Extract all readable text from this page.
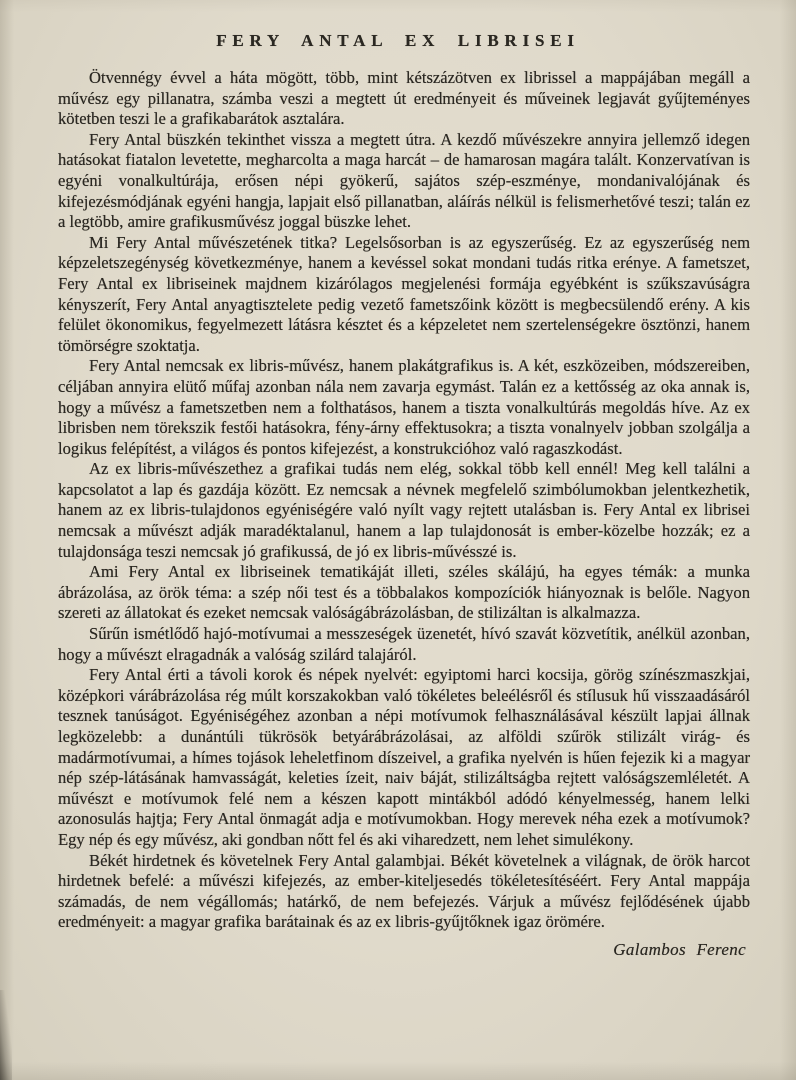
FERY ANTAL EX LIBRISEI

Ötvennégy évvel a háta mögött, több, mint kétszázötven ex librissel a mappájában megáll a művész egy pillanatra, számba veszi a megtett út eredményeit és műveinek legjavát gyűjteményes kötetben teszi le a grafikabarátok asztalára.

Fery Antal büszkén tekinthet vissza a megtett útra. A kezdő művészekre annyira jellemző idegen hatásokat fiatalon levetette, megharcolta a maga harcát – de hamarosan magára talált. Konzervatívan is egyéni vonalkultúrája, erősen népi gyökerű, sajátos szép-eszménye, mondanivalójának és kifejezésmódjának egyéni hangja, lapjait első pillanatban, aláírás nélkül is felismerhetővé teszi; talán ez a legtöbb, amire grafikusművész joggal büszke lehet.

Mi Fery Antal művészetének titka? Legelsősorban is az egyszerűség. Ez az egyszerűség nem képzeletszegénység következménye, hanem a kevéssel sokat mondani tudás ritka erénye. A fametszet, Fery Antal ex libriseinek majdnem kizárólagos megjelenési formája egyébként is szűkszavúságra kényszerít, Fery Antal anyagtisztelete pedig vezető fametszőink között is megbecsülendő erény. A kis felület ökonomikus, fegyelmezett látásra késztet és a képzeletet nem szertelenségekre ösztönzi, hanem tömörségre szoktatja.

Fery Antal nemcsak ex libris-művész, hanem plakátgrafikus is. A két, eszközeiben, módszereiben, céljában annyira elütő műfaj azonban nála nem zavarja egymást. Talán ez a kettősség az oka annak is, hogy a művész a fametszetben nem a folthatásos, hanem a tiszta vonalkultúrás megoldás híve. Az ex librisben nem törekszik festői hatásokra, fény-árny effektusokra; a tiszta vonalnyelv jobban szolgálja a logikus felépítést, a világos és pontos kifejezést, a konstrukcióhoz való ragaszkodást.

Az ex libris-művészethez a grafikai tudás nem elég, sokkal több kell ennél! Meg kell találni a kapcsolatot a lap és gazdája között. Ez nemcsak a névnek megfelelő szimbólumokban jelentkezhetik, hanem az ex libris-tulajdonos egyéniségére való nyílt vagy rejtett utalásban is. Fery Antal ex librisei nemcsak a művészt adják maradéktalanul, hanem a lap tulajdonosát is ember-közelbe hozzák; ez a tulajdonsága teszi nemcsak jó grafikussá, de jó ex libris-művésszé is.

Ami Fery Antal ex libriseinek tematikáját illeti, széles skálájú, ha egyes témák: a munka ábrázolása, az örök téma: a szép női test és a többalakos kompozíciók hiányoznak is belőle. Nagyon szereti az állatokat és ezeket nemcsak valóságábrázolásban, de stilizáltan is alkalmazza.

Sűrűn ismétlődő hajó-motívumai a messzeségek üzenetét, hívó szavát közvetítik, anélkül azonban, hogy a művészt elragadnák a valóság szilárd talajáról.

Fery Antal érti a távoli korok és népek nyelvét: egyiptomi harci kocsija, görög színészmaszkjai, középkori várábrázolása rég múlt korszakokban való tökéletes beleélésről és stílusuk hű visszaadásáról tesznek tanúságot. Egyéniségéhez azonban a népi motívumok felhasználásával készült lapjai állnak legközelebb: a dunántúli tükrösök betyárábrázolásai, az alföldi szűrök stilizált virág- és madármotívumai, a hímes tojások leheletfinom díszeivel, a grafika nyelvén is hűen fejezik ki a magyar nép szép-látásának hamvasságát, keleties ízeit, naiv báját, stilizáltságba rejtett valóságszemléletét. A művészt e motívumok felé nem a készen kapott mintákból adódó kényelmesség, hanem lelki azonosulás hajtja; Fery Antal önmagát adja e motívumokban. Hogy merevek néha ezek a motívumok? Egy nép és egy művész, aki gondban nőtt fel és aki viharedzett, nem lehet simulékony.

Békét hirdetnek és követelnek Fery Antal galambjai. Békét követelnek a világnak, de örök harcot hirdetnek befelé: a művészi kifejezés, az ember-kiteljesedés tökéletesítéséért. Fery Antal mappája számadás, de nem végállomás; határkő, de nem befejezés. Várjuk a művész fejlődésének újabb eredményeit: a magyar grafika barátainak és az ex libris-gyűjtőknek igaz örömére.

Galambos Ferenc
